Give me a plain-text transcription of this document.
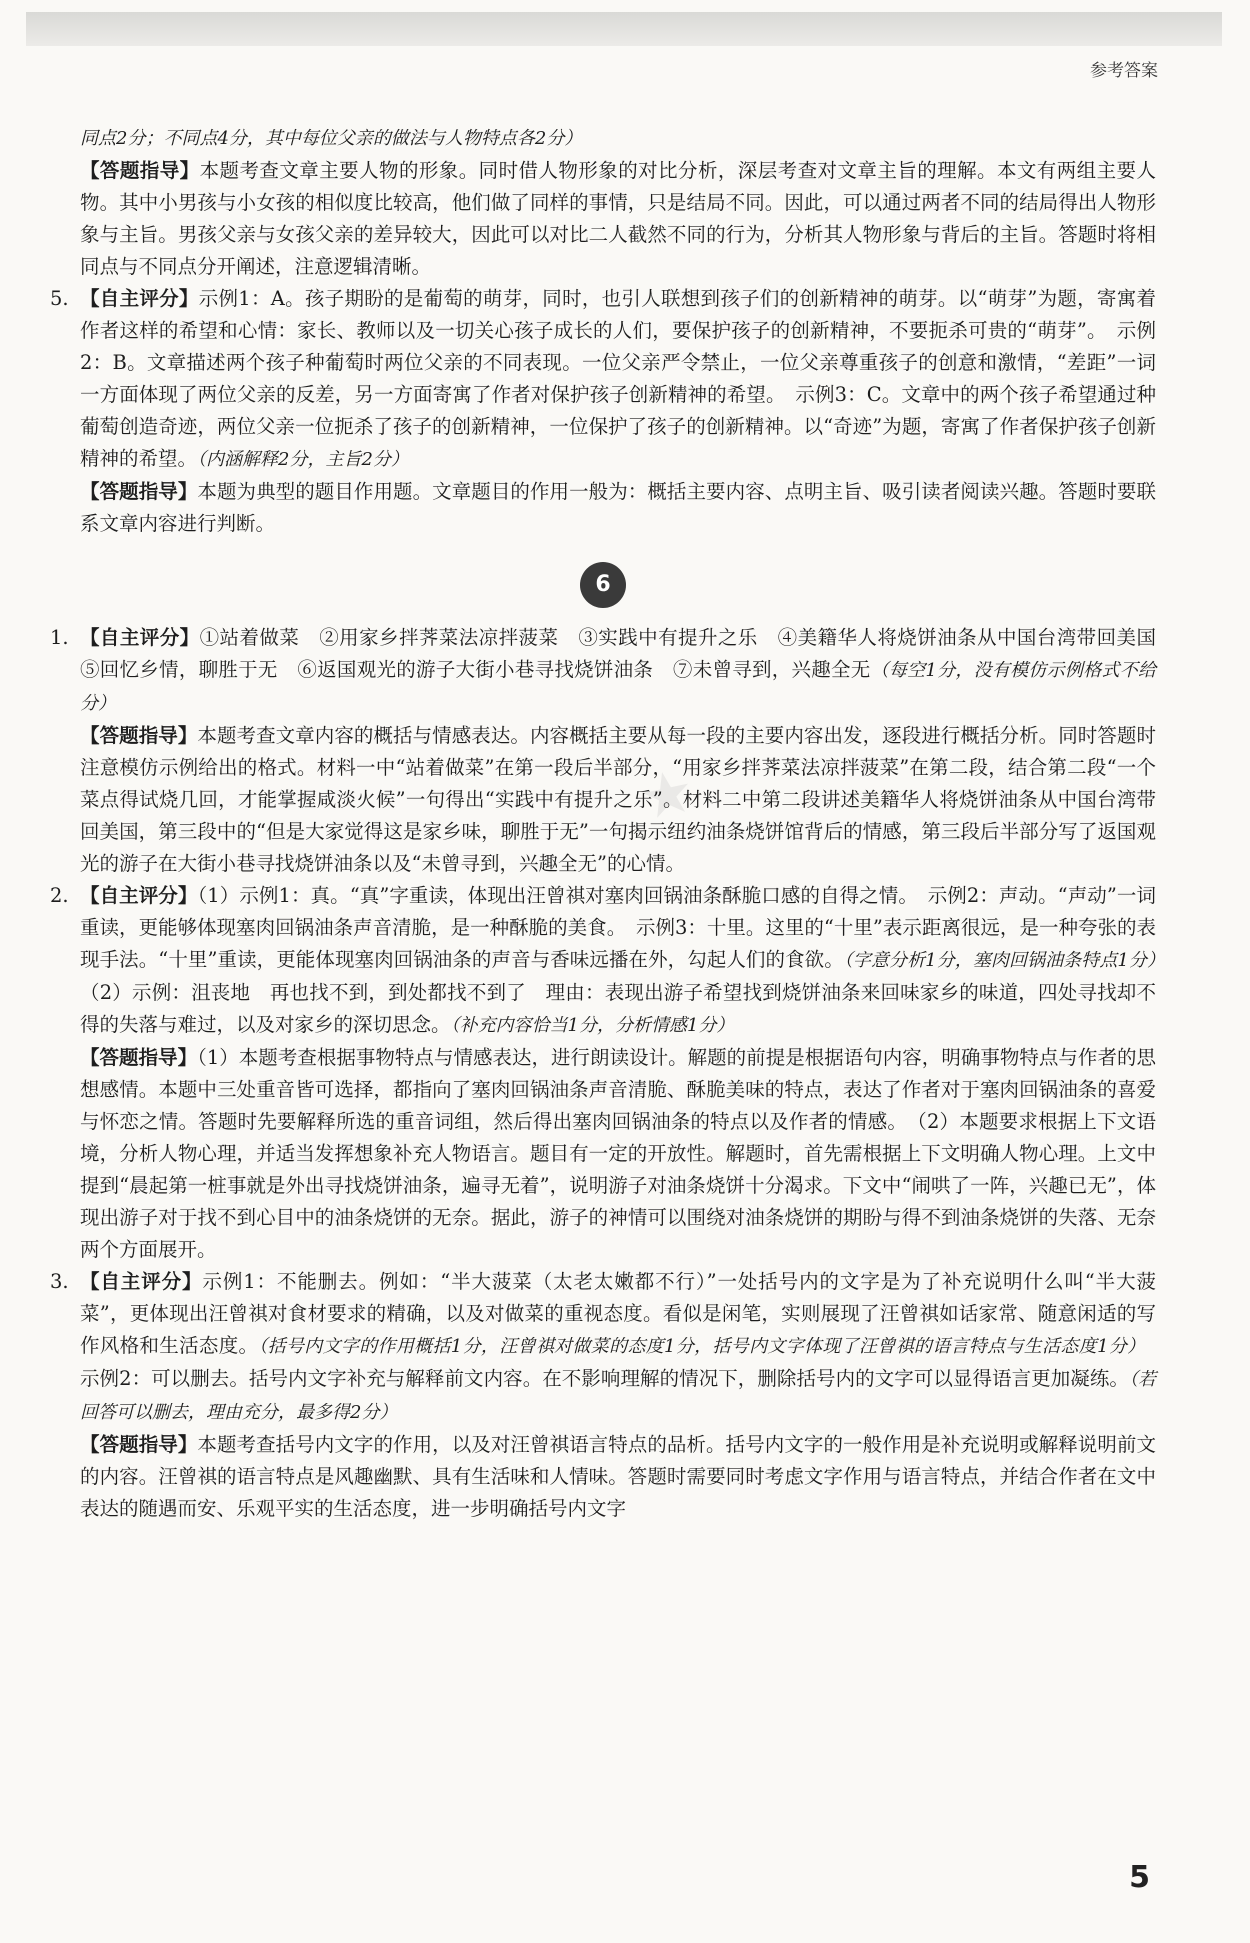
参考答案
★

同点2分；不同点4分，其中每位父亲的做法与人物特点各2分）

【答题指导】本题考查文章主要人物的形象。同时借人物形象的对比分析，深层考查对文章主旨的理解。本文有两组主要人物。其中小男孩与小女孩的相似度比较高，他们做了同样的事情，只是结局不同。因此，可以通过两者不同的结局得出人物形象与主旨。男孩父亲与女孩父亲的差异较大，因此可以对比二人截然不同的行为，分析其人物形象与背后的主旨。答题时将相同点与不同点分开阐述，注意逻辑清晰。

5. 【自主评分】示例1：A。孩子期盼的是葡萄的萌芽，同时，也引人联想到孩子们的创新精神的萌芽。以“萌芽”为题，寄寓着作者这样的希望和心情：家长、教师以及一切关心孩子成长的人们，要保护孩子的创新精神，不要扼杀可贵的“萌芽”。　示例2：B。文章描述两个孩子种葡萄时两位父亲的不同表现。一位父亲严令禁止，一位父亲尊重孩子的创意和激情，“差距”一词一方面体现了两位父亲的反差，另一方面寄寓了作者对保护孩子创新精神的希望。　示例3：C。文章中的两个孩子希望通过种葡萄创造奇迹，两位父亲一位扼杀了孩子的创新精神，一位保护了孩子的创新精神。以“奇迹”为题，寄寓了作者保护孩子创新精神的希望。（内涵解释2分，主旨2分）

【答题指导】本题为典型的题目作用题。文章题目的作用一般为：概括主要内容、点明主旨、吸引读者阅读兴趣。答题时要联系文章内容进行判断。

6
1. 【自主评分】①站着做菜　②用家乡拌荠菜法凉拌菠菜　③实践中有提升之乐　④美籍华人将烧饼油条从中国台湾带回美国　⑤回忆乡情，聊胜于无　⑥返国观光的游子大街小巷寻找烧饼油条　⑦未曾寻到，兴趣全无（每空1分，没有模仿示例格式不给分）

【答题指导】本题考查文章内容的概括与情感表达。内容概括主要从每一段的主要内容出发，逐段进行概括分析。同时答题时注意模仿示例给出的格式。材料一中“站着做菜”在第一段后半部分，“用家乡拌荠菜法凉拌菠菜”在第二段，结合第二段“一个菜点得试烧几回，才能掌握咸淡火候”一句得出“实践中有提升之乐”。材料二中第二段讲述美籍华人将烧饼油条从中国台湾带回美国，第三段中的“但是大家觉得这是家乡味，聊胜于无”一句揭示纽约油条烧饼馆背后的情感，第三段后半部分写了返国观光的游子在大街小巷寻找烧饼油条以及“未曾寻到，兴趣全无”的心情。

2. 【自主评分】（1）示例1：真。“真”字重读，体现出汪曾祺对塞肉回锅油条酥脆口感的自得之情。　示例2：声动。“声动”一词重读，更能够体现塞肉回锅油条声音清脆，是一种酥脆的美食。　示例3：十里。这里的“十里”表示距离很远，是一种夸张的表现手法。“十里”重读，更能体现塞肉回锅油条的声音与香味远播在外，勾起人们的食欲。（字意分析1分，塞肉回锅油条特点1分）　（2）示例：沮丧地　再也找不到，到处都找不到了　理由：表现出游子希望找到烧饼油条来回味家乡的味道，四处寻找却不得的失落与难过，以及对家乡的深切思念。（补充内容恰当1分，分析情感1分）

【答题指导】（1）本题考查根据事物特点与情感表达，进行朗读设计。解题的前提是根据语句内容，明确事物特点与作者的思想感情。本题中三处重音皆可选择，都指向了塞肉回锅油条声音清脆、酥脆美味的特点，表达了作者对于塞肉回锅油条的喜爱与怀恋之情。答题时先要解释所选的重音词组，然后得出塞肉回锅油条的特点以及作者的情感。　（2）本题要求根据上下文语境，分析人物心理，并适当发挥想象补充人物语言。题目有一定的开放性。解题时，首先需根据上下文明确人物心理。上文中提到“晨起第一桩事就是外出寻找烧饼油条，遍寻无着”，说明游子对油条烧饼十分渴求。下文中“闹哄了一阵，兴趣已无”，体现出游子对于找不到心目中的油条烧饼的无奈。据此，游子的神情可以围绕对油条烧饼的期盼与得不到油条烧饼的失落、无奈两个方面展开。

3. 【自主评分】示例1：不能删去。例如：“半大菠菜（太老太嫩都不行）”一处括号内的文字是为了补充说明什么叫“半大菠菜”，更体现出汪曾祺对食材要求的精确，以及对做菜的重视态度。看似是闲笔，实则展现了汪曾祺如话家常、随意闲适的写作风格和生活态度。（括号内文字的作用概括1分，汪曾祺对做菜的态度1分，括号内文字体现了汪曾祺的语言特点与生活态度1分）　示例2：可以删去。括号内文字补充与解释前文内容。在不影响理解的情况下，删除括号内的文字可以显得语言更加凝练。（若回答可以删去，理由充分，最多得2分）

【答题指导】本题考查括号内文字的作用，以及对汪曾祺语言特点的品析。括号内文字的一般作用是补充说明或解释说明前文的内容。汪曾祺的语言特点是风趣幽默、具有生活味和人情味。答题时需要同时考虑文字作用与语言特点，并结合作者在文中表达的随遇而安、乐观平实的生活态度，进一步明确括号内文字

5
